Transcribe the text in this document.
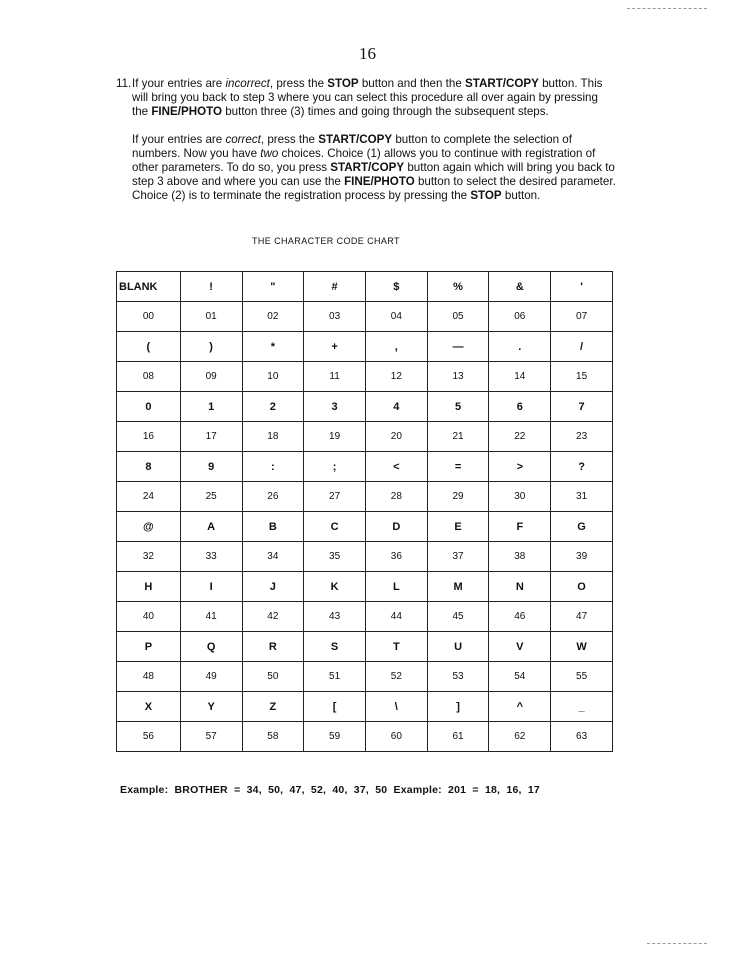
16
11. If your entries are incorrect, press the STOP button and then the START/COPY button. This will bring you back to step 3 where you can select this procedure all over again by pressing the FINE/PHOTO button three (3) times and going through the subsequent steps.

If your entries are correct, press the START/COPY button to complete the selection of numbers. Now you have two choices. Choice (1) allows you to continue with registration of other parameters. To do so, you press START/COPY button again which will bring you back to step 3 above and where you can use the FINE/PHOTO button to select the desired parameter. Choice (2) is to terminate the registration process by pressing the STOP button.

THE CHARACTER CODE CHART
BLANK	!	"	#	$	%	&	'
00	01	02	03	04	05	06	07
(	)	*	+	,	—	.	/
08	09	10	11	12	13	14	15
0	1	2	3	4	5	6	7
16	17	18	19	20	21	22	23
8	9	:	;	<	=	>	?
24	25	26	27	28	29	30	31
@	A	B	C	D	E	F	G
32	33	34	35	36	37	38	39
H	I	J	K	L	M	N	O
40	41	42	43	44	45	46	47
P	Q	R	S	T	U	V	W
48	49	50	51	52	53	54	55
X	Y	Z	[	\	]	^	_
56	57	58	59	60	61	62	63
Example:  BROTHER  =  34,  50,  47,  52,  40,  37,  50  Example:  201  =  18,  16,  17
